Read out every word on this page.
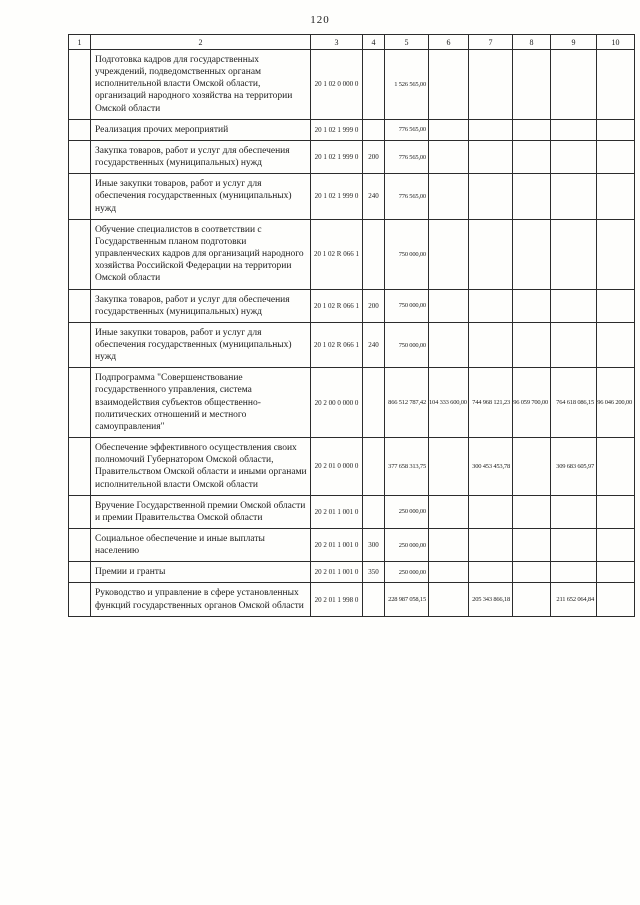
120
1	2	3	4	5	6	7	8	9	10
	Подготовка кадров для государственных учреждений, подведомственных органам исполнительной власти Омской области, организаций народного хозяйства на территории Омской области	20 1 02 0 000 0		1 526 565,00					
	Реализация прочих мероприятий	20 1 02 1 999 0		776 565,00					
	Закупка товаров, работ и услуг для обеспечения государственных (муниципальных) нужд	20 1 02 1 999 0	200	776 565,00					
	Иные закупки товаров, работ и услуг для обеспечения государственных (муниципальных) нужд	20 1 02 1 999 0	240	776 565,00					
	Обучение специалистов в соответствии с Государственным планом подготовки управленческих кадров для организаций народного хозяйства Российской Федерации на территории Омской области	20 1 02 R 066 1		750 000,00					
	Закупка товаров, работ и услуг для обеспечения государственных (муниципальных) нужд	20 1 02 R 066 1	200	750 000,00					
	Иные закупки товаров, работ и услуг для обеспечения государственных (муниципальных) нужд	20 1 02 R 066 1	240	750 000,00					
	Подпрограмма "Совершенствование государственного управления, система взаимодействия субъектов общественно-политических отношений и местного самоуправления"	20 2 00 0 000 0		866 512 787,42	104 333 600,00	744 968 121,23	96 059 700,00	764 618 086,15	96 046 200,00
	Обеспечение эффективного осуществления своих полномочий Губернатором Омской области, Правительством Омской области и иными органами исполнительной власти Омской области	20 2 01 0 000 0		377 658 313,75		300 453 453,78		309 683 605,97	
	Вручение Государственной премии Омской области и премии Правительства Омской области	20 2 01 1 001 0		250 000,00					
	Социальное обеспечение и иные выплаты населению	20 2 01 1 001 0	300	250 000,00					
	Премии и гранты	20 2 01 1 001 0	350	250 000,00					
	Руководство и управление в сфере установленных функций государственных органов Омской области	20 2 01 1 998 0		228 987 058,15		205 343 866,18		211 652 064,84	
